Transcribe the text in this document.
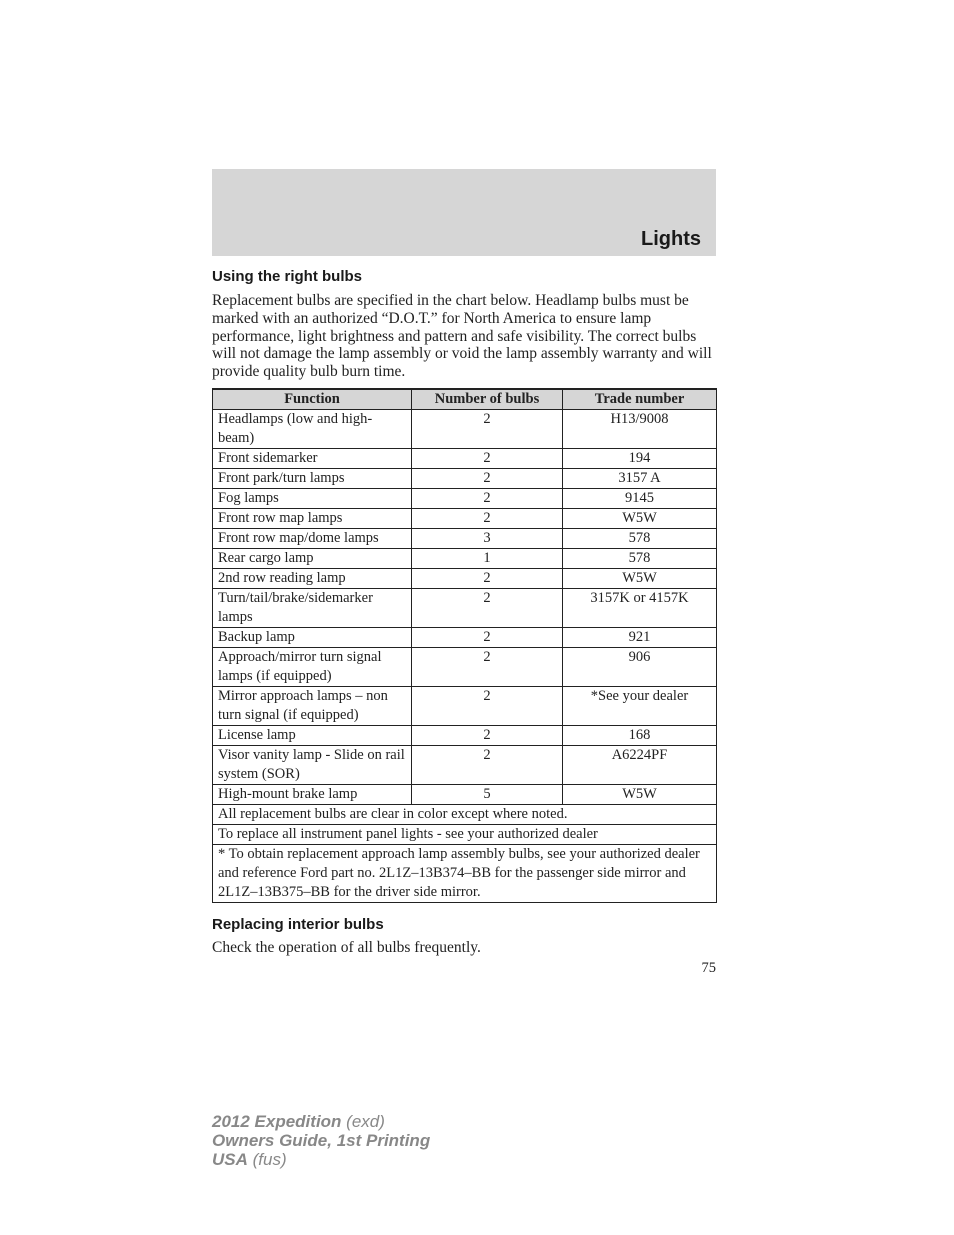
Lights
Using the right bulbs
Replacement bulbs are specified in the chart below. Headlamp bulbs must be marked with an authorized “D.O.T.” for North America to ensure lamp performance, light brightness and pattern and safe visibility. The correct bulbs will not damage the lamp assembly or void the lamp assembly warranty and will provide quality bulb burn time.
Function	Number of bulbs	Trade number
Headlamps (low and high-beam)	2	H13/9008
Front sidemarker	2	194
Front park/turn lamps	2	3157 A
Fog lamps	2	9145
Front row map lamps	2	W5W
Front row map/dome lamps	3	578
Rear cargo lamp	1	578
2nd row reading lamp	2	W5W
Turn/tail/brake/sidemarker lamps	2	3157K or 4157K
Backup lamp	2	921
Approach/mirror turn signal lamps (if equipped)	2	906
Mirror approach lamps – non turn signal (if equipped)	2	*See your dealer
License lamp	2	168
Visor vanity lamp - Slide on rail system (SOR)	2	A6224PF
High-mount brake lamp	5	W5W
All replacement bulbs are clear in color except where noted.		
To replace all instrument panel lights - see your authorized dealer		
* To obtain replacement approach lamp assembly bulbs, see your authorized dealer and reference Ford part no. 2L1Z–13B374–BB for the passenger side mirror and 2L1Z–13B375–BB for the driver side mirror.		
Replacing interior bulbs
Check the operation of all bulbs frequently.
75
2012 Expedition (exd)
Owners Guide, 1st Printing
USA (fus)
